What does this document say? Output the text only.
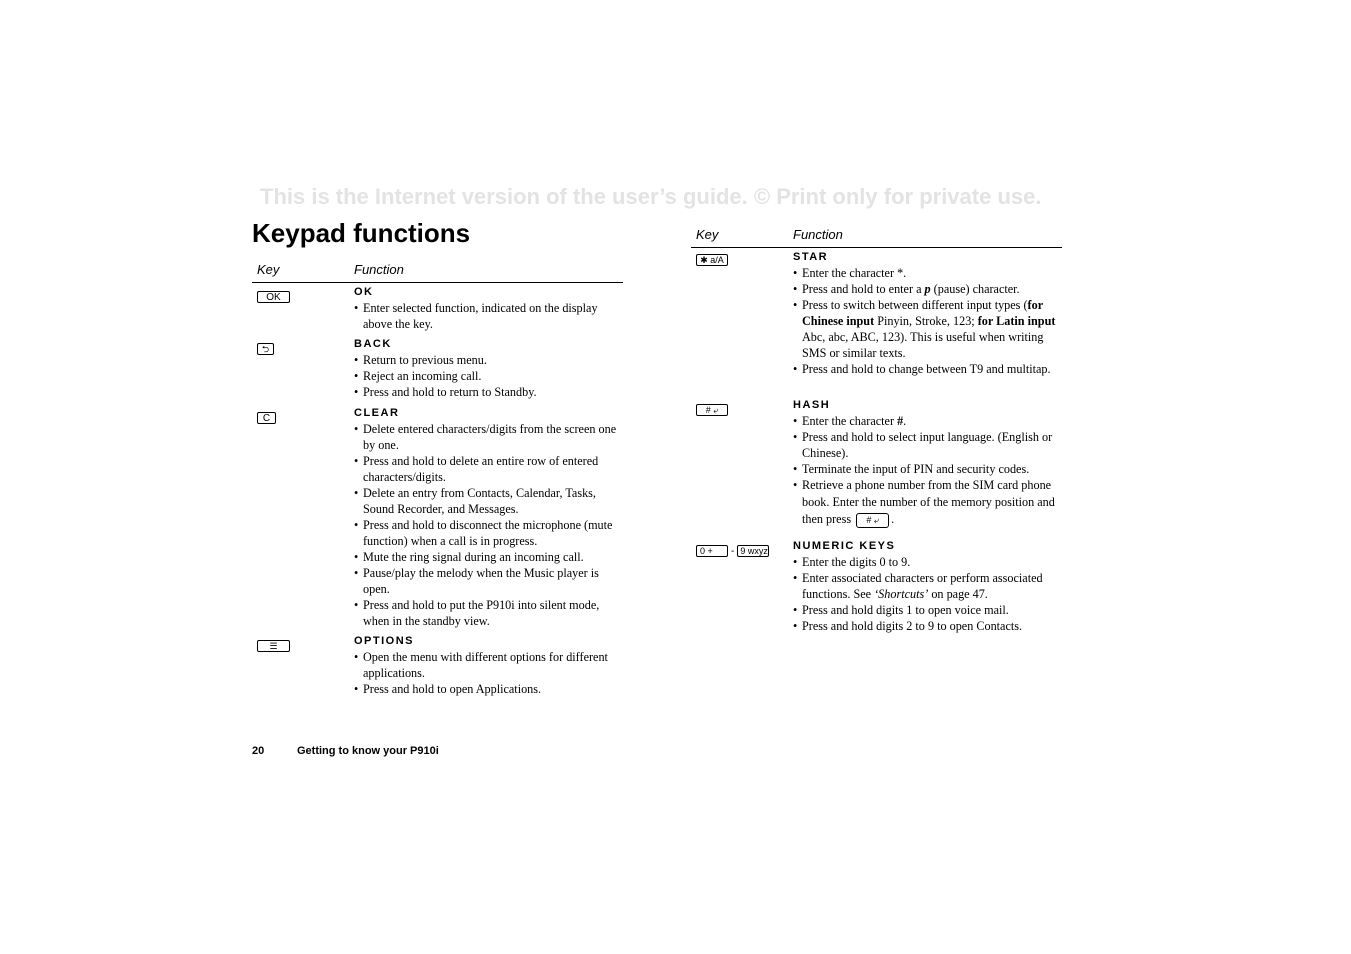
This is the Internet version of the user’s guide. © Print only for private use.
Keypad functions
Key	Function
OK	OK
• Enter selected function, indicated on the display above the key.
⮌	BACK
• Return to previous menu.
• Reject an incoming call.
• Press and hold to return to Standby.
C	CLEAR
• Delete entered characters/digits from the screen one by one.
• Press and hold to delete an entire row of entered characters/digits.
• Delete an entry from Contacts, Calendar, Tasks, Sound Recorder, and Messages.
• Press and hold to disconnect the microphone (mute function) when a call is in progress.
• Mute the ring signal during an incoming call.
• Pause/play the melody when the Music player is open.
• Press and hold to put the P910i into silent mode, when in the standby view.
☰	OPTIONS
• Open the menu with different options for different applications.
• Press and hold to open Applications.
Key	Function
✱ a/A	STAR
• Enter the character *.
• Press and hold to enter a p (pause) character.
• Press to switch between different input types (for Chinese input Pinyin, Stroke, 123; for Latin input Abc, abc, ABC, 123). This is useful when writing SMS or similar texts.
• Press and hold to change between T9 and multitap.
# ⤶	HASH
• Enter the character #.
• Press and hold to select input language. (English or Chinese).
• Terminate the input of PIN and security codes.
• Retrieve a phone number from the SIM card phone book. Enter the number of the memory position and then press # ⤶ .
0 + - 9 wxyz	NUMERIC KEYS
• Enter the digits 0 to 9.
• Enter associated characters or perform associated functions. See ‘Shortcuts’ on page 47.
• Press and hold digits 1 to open voice mail.
• Press and hold digits 2 to 9 to open Contacts.
20	Getting to know your P910i
